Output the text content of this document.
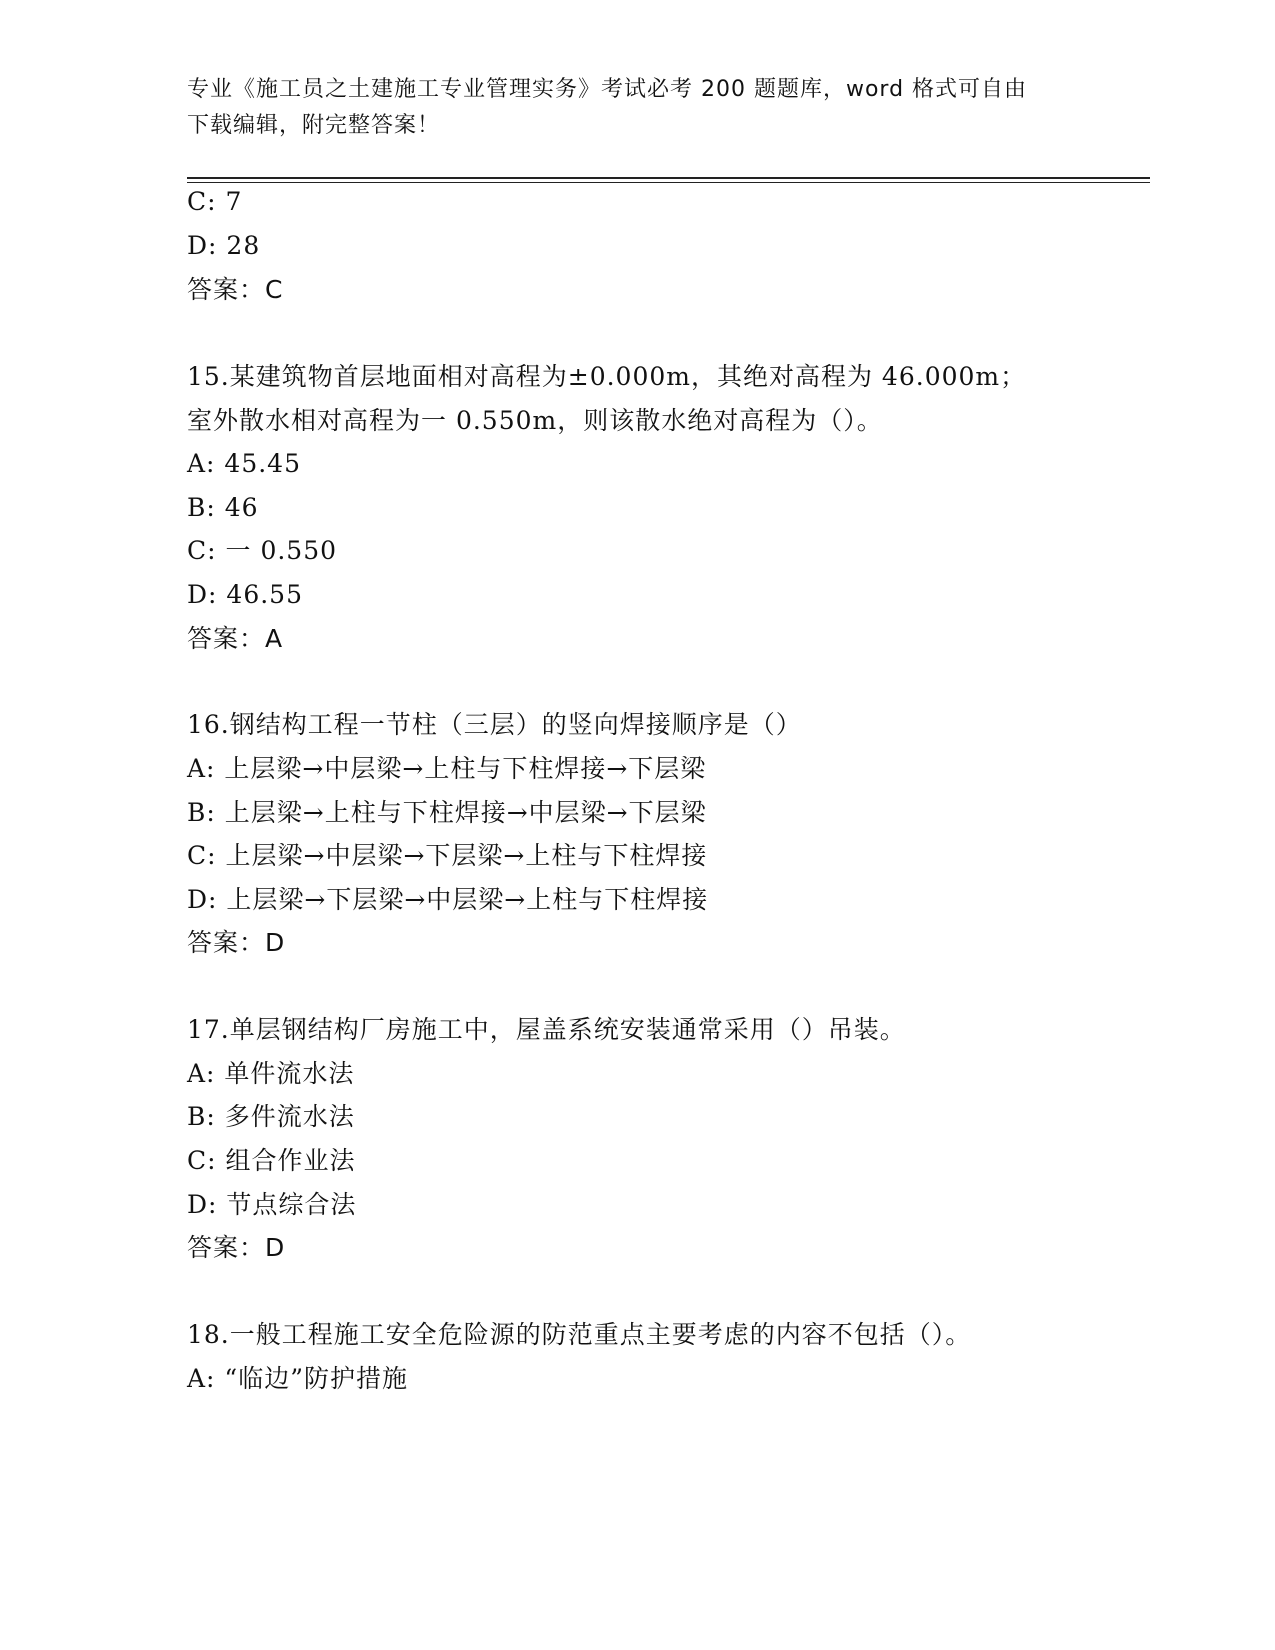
专业《施工员之土建施工专业管理实务》考试必考 200 题题库，word 格式可自由
下载编辑，附完整答案！
C: 7
D: 28
答案：C
15.某建筑物首层地面相对高程为±0.000m，其绝对高程为 46.000m；
室外散水相对高程为一 0.550m，则该散水绝对高程为（）。
A: 45.45
B: 46
C: 一 0.550
D: 46.55
答案：A
16.钢结构工程一节柱（三层）的竖向焊接顺序是（）
A: 上层梁→中层梁→上柱与下柱焊接→下层梁
B: 上层梁→上柱与下柱焊接→中层梁→下层梁
C: 上层梁→中层梁→下层梁→上柱与下柱焊接
D: 上层梁→下层梁→中层梁→上柱与下柱焊接
答案：D
17.单层钢结构厂房施工中，屋盖系统安装通常采用（）吊装。
A: 单件流水法
B: 多件流水法
C: 组合作业法
D: 节点综合法
答案：D
18.一般工程施工安全危险源的防范重点主要考虑的内容不包括（）。
A: “临边”防护措施
